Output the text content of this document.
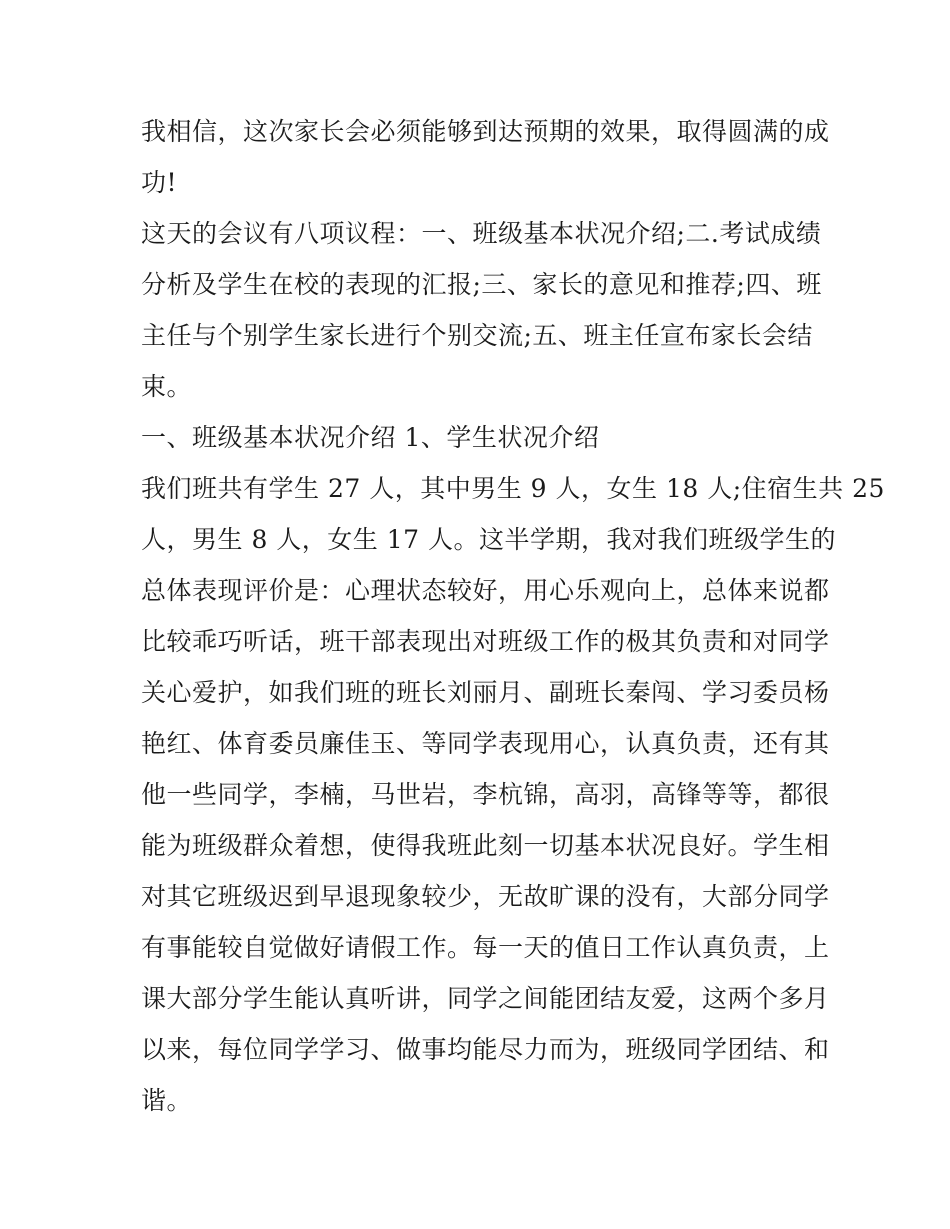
我相信，这次家长会必须能够到达预期的效果，取得圆满的成
功!
这天的会议有八项议程：一、班级基本状况介绍;二.考试成绩
分析及学生在校的表现的汇报;三、家长的意见和推荐;四、班
主任与个别学生家长进行个别交流;五、班主任宣布家长会结
束。
一、班级基本状况介绍 1、学生状况介绍
我们班共有学生 27 人，其中男生 9 人，女生 18 人;住宿生共 25
人，男生 8 人，女生 17 人。这半学期，我对我们班级学生的
总体表现评价是：心理状态较好，用心乐观向上，总体来说都
比较乖巧听话，班干部表现出对班级工作的极其负责和对同学
关心爱护，如我们班的班长刘丽月、副班长秦闯、学习委员杨
艳红、体育委员廉佳玉、等同学表现用心，认真负责，还有其
他一些同学，李楠，马世岩，李杭锦，高羽，高锋等等，都很
能为班级群众着想，使得我班此刻一切基本状况良好。学生相
对其它班级迟到早退现象较少，无故旷课的没有，大部分同学
有事能较自觉做好请假工作。每一天的值日工作认真负责，上
课大部分学生能认真听讲，同学之间能团结友爱，这两个多月
以来，每位同学学习、做事均能尽力而为，班级同学团结、和
谐。
